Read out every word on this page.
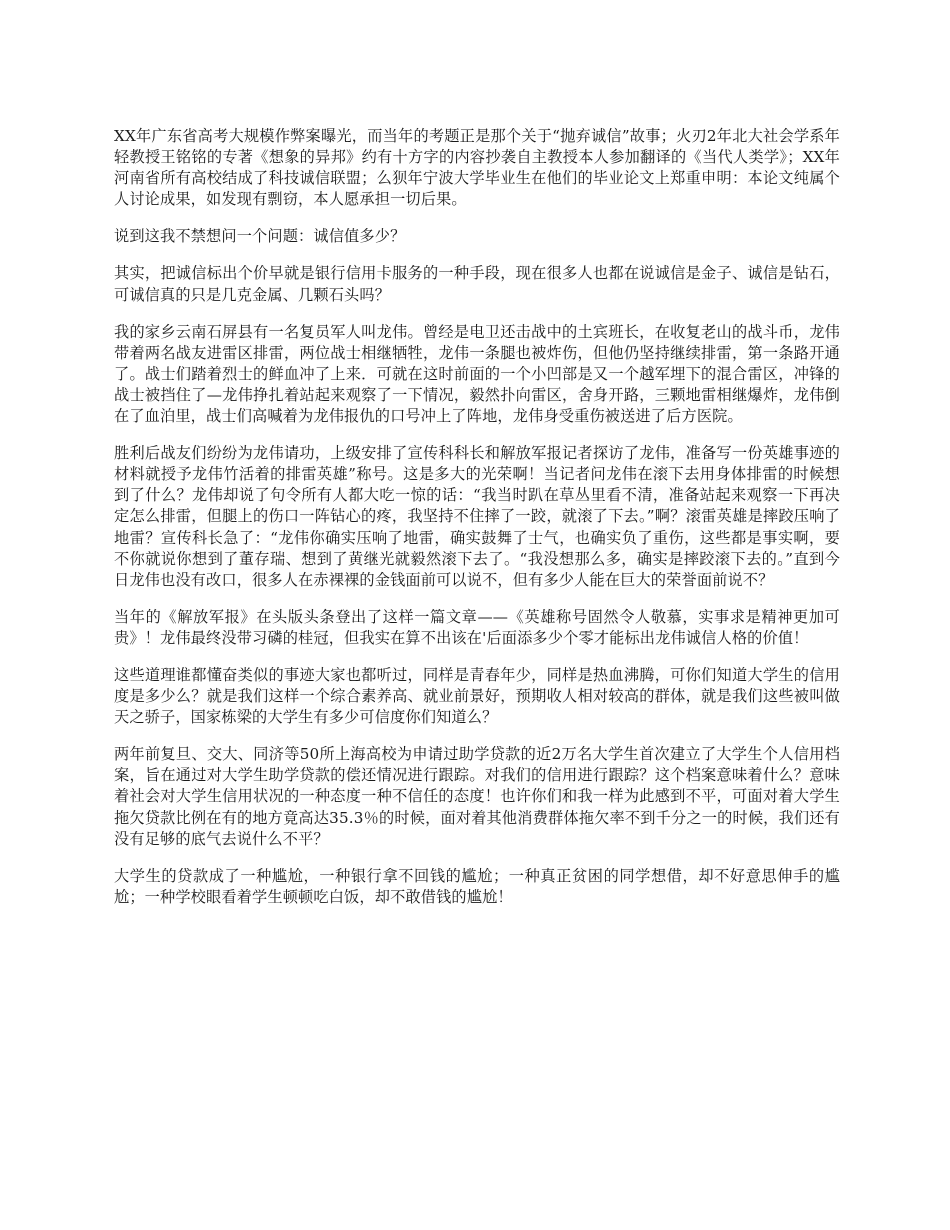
XX年广东省高考大规模作弊案曝光，而当年的考题正是那个关于“抛弃诚信”故事；火刃2年北大社会学系年轻教授王铭铭的专著《想象的异邦》约有十方字的内容抄袭自主教授本人参加翻译的《当代人类学》；XX年河南省所有高校结成了科技诚信联盟；么狈年宁波大学毕业生在他们的毕业论文上郑重申明：本论文纯属个人讨论成果，如发现有剽窃，本人愿承担一切后果。

说到这我不禁想问一个问题：诚信值多少？

其实，把诚信标出个价早就是银行信用卡服务的一种手段，现在很多人也都在说诚信是金子、诚信是钻石，可诚信真的只是几克金属、几颗石头吗？

我的家乡云南石屏县有一名复员军人叫龙伟。曾经是电卫还击战中的土宾班长，在收复老山的战斗币，龙伟带着两名战友进雷区排雷，两位战士相继牺牲，龙伟一条腿也被炸伤，但他仍坚持继续排雷，第一条路开通了。战士们踏着烈士的鲜血冲了上来．可就在这时前面的一个小凹部是又一个越军埋下的混合雷区，冲锋的战士被挡住了—龙伟挣扎着站起来观察了一下情况，毅然扑向雷区，舍身开路，三颗地雷相继爆炸，龙伟倒在了血泊里，战士们高喊着为龙伟报仇的口号冲上了阵地，龙伟身受重伤被送进了后方医院。

胜利后战友们纷纷为龙伟请功，上级安排了宣传科科长和解放军报记者探访了龙伟，准备写一份英雄事迹的材料就授予龙伟竹活着的排雷英雄”称号。这是多大的光荣啊！当记者问龙伟在滚下去用身体排雷的时候想到了什么？龙伟却说了句令所有人都大吃一惊的话：“我当时趴在草丛里看不清，准备站起来观察一下再决定怎么排雷，但腿上的伤口一阵钻心的疼，我坚持不住摔了一跤，就滚了下去。”啊？滚雷英雄是摔跤压响了地雷？宣传科长急了：“龙伟你确实压响了地雷，确实鼓舞了士气，也确实负了重伤，这些都是事实啊，要不你就说你想到了董存瑞、想到了黄继光就毅然滚下去了。“我没想那么多，确实是摔跤滚下去的。”直到今日龙伟也没有改口，很多人在赤裸裸的金钱面前可以说不，但有多少人能在巨大的荣誉面前说不？

当年的《解放军报》在头版头条登出了这样一篇文章——《英雄称号固然令人敬慕，实事求是精神更加可贵》！龙伟最终没带习磷的桂冠，但我实在算不出该在'后面添多少个零才能标出龙伟诚信人格的价值！

这些道理谁都懂奋类似的事迹大家也都听过，同样是青春年少，同样是热血沸腾，可你们知道大学生的信用度是多少么？就是我们这样一个综合素养高、就业前景好，预期收人相对较高的群体，就是我们这些被叫做天之骄子，国家栋梁的大学生有多少可信度你们知道么？

两年前复旦、交大、同济等50所上海高校为申请过助学贷款的近2万名大学生首次建立了大学生个人信用档案，旨在通过对大学生助学贷款的偿还情况进行跟踪。对我们的信用进行跟踪？这个档案意味着什么？意味着社会对大学生信用状况的一种态度一种不信任的态度！也许你们和我一样为此感到不平，可面对着大学生拖欠贷款比例在有的地方竟高达35.3％的时候，面对着其他消费群体拖欠率不到千分之一的时候，我们还有没有足够的底气去说什么不平？

大学生的贷款成了一种尴尬，一种银行拿不回钱的尴尬；一种真正贫困的同学想借，却不好意思伸手的尴尬；一种学校眼看着学生顿顿吃白饭，却不敢借钱的尴尬！
